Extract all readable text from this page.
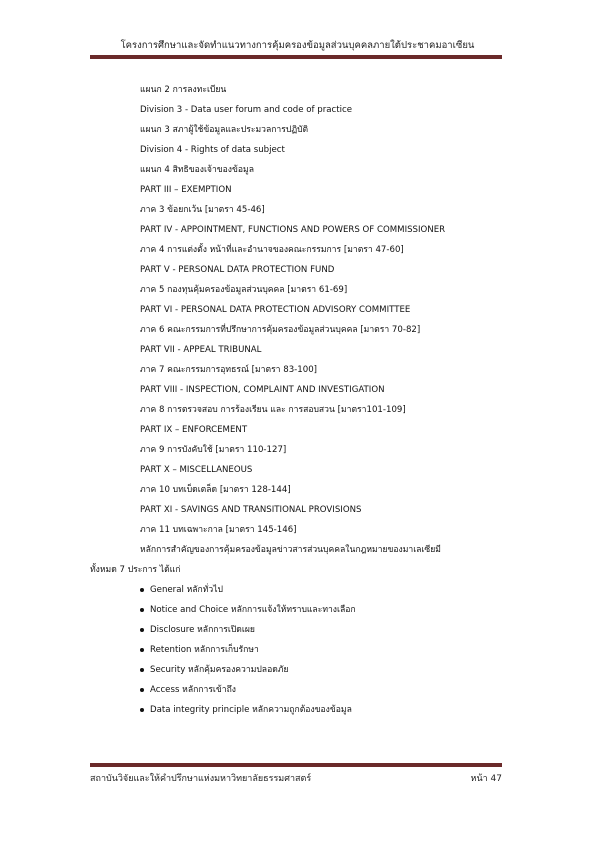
โครงการศึกษาและจัดทำแนวทางการคุ้มครองข้อมูลส่วนบุคคลภายใต้ประชาคมอาเซียน
แผนก 2 การลงทะเบียน
Division 3 - Data user forum and code of practice
แผนก 3 สภาผู้ใช้ข้อมูลและประมวลการปฏิบัติ
Division 4 - Rights of data subject
แผนก 4 สิทธิของเจ้าของข้อมูล
PART III – EXEMPTION
ภาค 3 ข้อยกเว้น [มาตรา 45-46]
PART IV - APPOINTMENT, FUNCTIONS AND POWERS OF COMMISSIONER
ภาค 4 การแต่งตั้ง หน้าที่และอำนาจของคณะกรรมการ [มาตรา 47-60]
PART V - PERSONAL DATA PROTECTION FUND
ภาค 5 กองทุนคุ้มครองข้อมูลส่วนบุคคล [มาตรา 61-69]
PART VI - PERSONAL DATA PROTECTION ADVISORY COMMITTEE
ภาค 6 คณะกรรมการที่ปรึกษาการคุ้มครองข้อมูลส่วนบุคคล [มาตรา 70-82]
PART VII - APPEAL TRIBUNAL
ภาค 7 คณะกรรมการอุทธรณ์ [มาตรา 83-100]
PART VIII - INSPECTION, COMPLAINT AND INVESTIGATION
ภาค 8 การตรวจสอบ การร้องเรียน และ การสอบสวน [มาตรา101-109]
PART IX – ENFORCEMENT
ภาค 9 การบังคับใช้ [มาตรา 110-127]
PART X – MISCELLANEOUS
ภาค 10 บทเบ็ดเตล็ด [มาตรา 128-144]
PART XI - SAVINGS AND TRANSITIONAL PROVISIONS
ภาค 11 บทเฉพาะกาล [มาตรา 145-146]
หลักการสำคัญของการคุ้มครองข้อมูลข่าวสารส่วนบุคคลในกฎหมายของมาเลเซียมี
ทั้งหมด 7 ประการ ได้แก่
General หลักทั่วไป
Notice and Choice หลักการแจ้งให้ทราบและทางเลือก
Disclosure หลักการเปิดเผย
Retention หลักการเก็บรักษา
Security หลักคุ้มครองความปลอดภัย
Access หลักการเข้าถึง
Data integrity principle หลักความถูกต้องของข้อมูล
สถาบันวิจัยและให้คำปรึกษาแห่งมหาวิทยาลัยธรรมศาสตร์	หน้า 47
